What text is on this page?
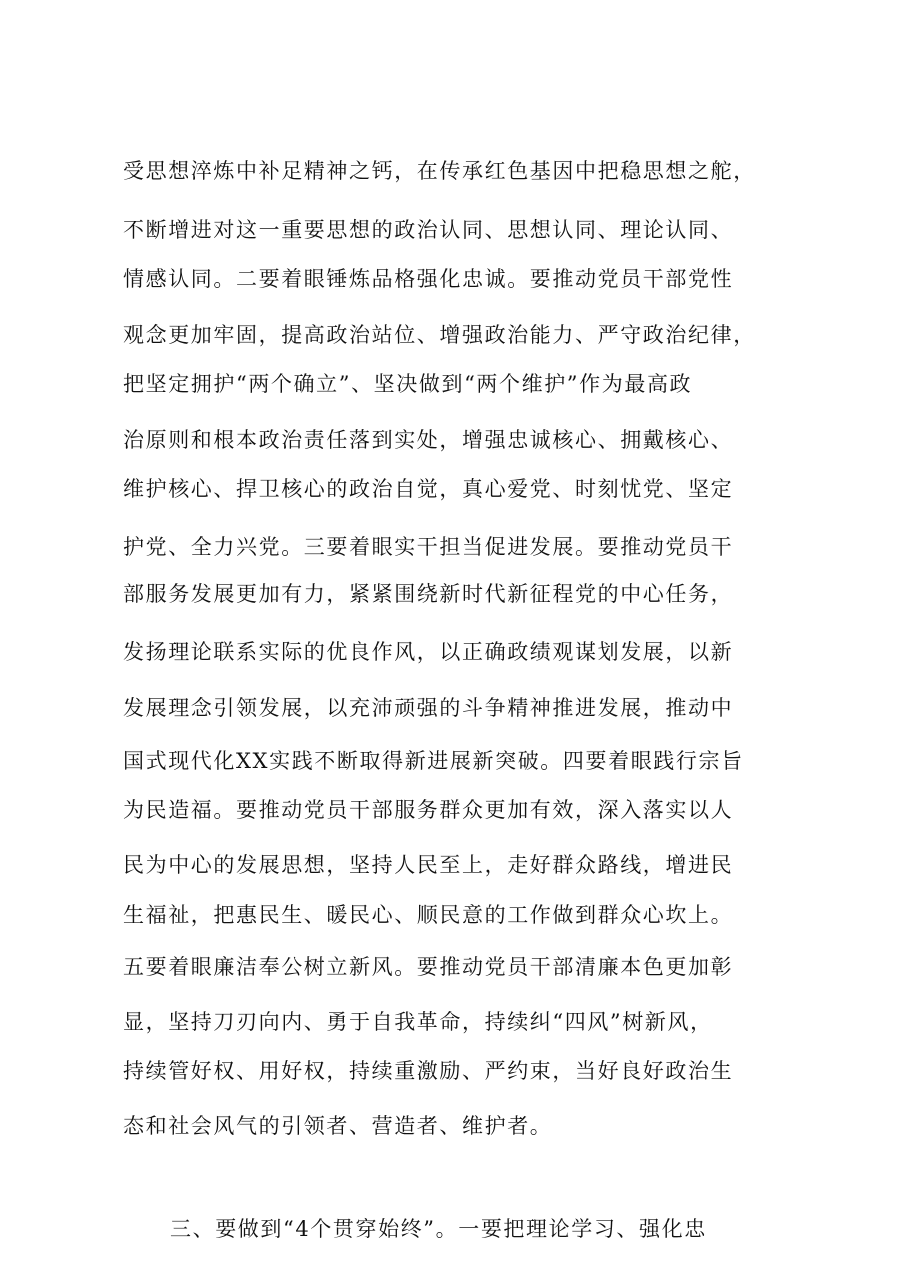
受思想淬炼中补足精神之钙，在传承红色基因中把稳思想之舵，
不断增进对这一重要思想的政治认同、思想认同、理论认同、
情感认同。二要着眼锤炼品格强化忠诚。要推动党员干部党性
观念更加牢固，提高政治站位、增强政治能力、严守政治纪律，
把坚定拥护“两个确立”、坚决做到“两个维护”作为最高政
治原则和根本政治责任落到实处，增强忠诚核心、拥戴核心、
维护核心、捍卫核心的政治自觉，真心爱党、时刻忧党、坚定
护党、全力兴党。三要着眼实干担当促进发展。要推动党员干
部服务发展更加有力，紧紧围绕新时代新征程党的中心任务，
发扬理论联系实际的优良作风，以正确政绩观谋划发展，以新
发展理念引领发展，以充沛顽强的斗争精神推进发展，推动中
国式现代化XX实践不断取得新进展新突破。四要着眼践行宗旨
为民造福。要推动党员干部服务群众更加有效，深入落实以人
民为中心的发展思想，坚持人民至上，走好群众路线，增进民
生福祉，把惠民生、暖民心、顺民意的工作做到群众心坎上。
五要着眼廉洁奉公树立新风。要推动党员干部清廉本色更加彰
显，坚持刀刃向内、勇于自我革命，持续纠“四风”树新风，
持续管好权、用好权，持续重激励、严约束，当好良好政治生
态和社会风气的引领者、营造者、维护者。
三、要做到“4个贯穿始终”。一要把理论学习、强化忠
